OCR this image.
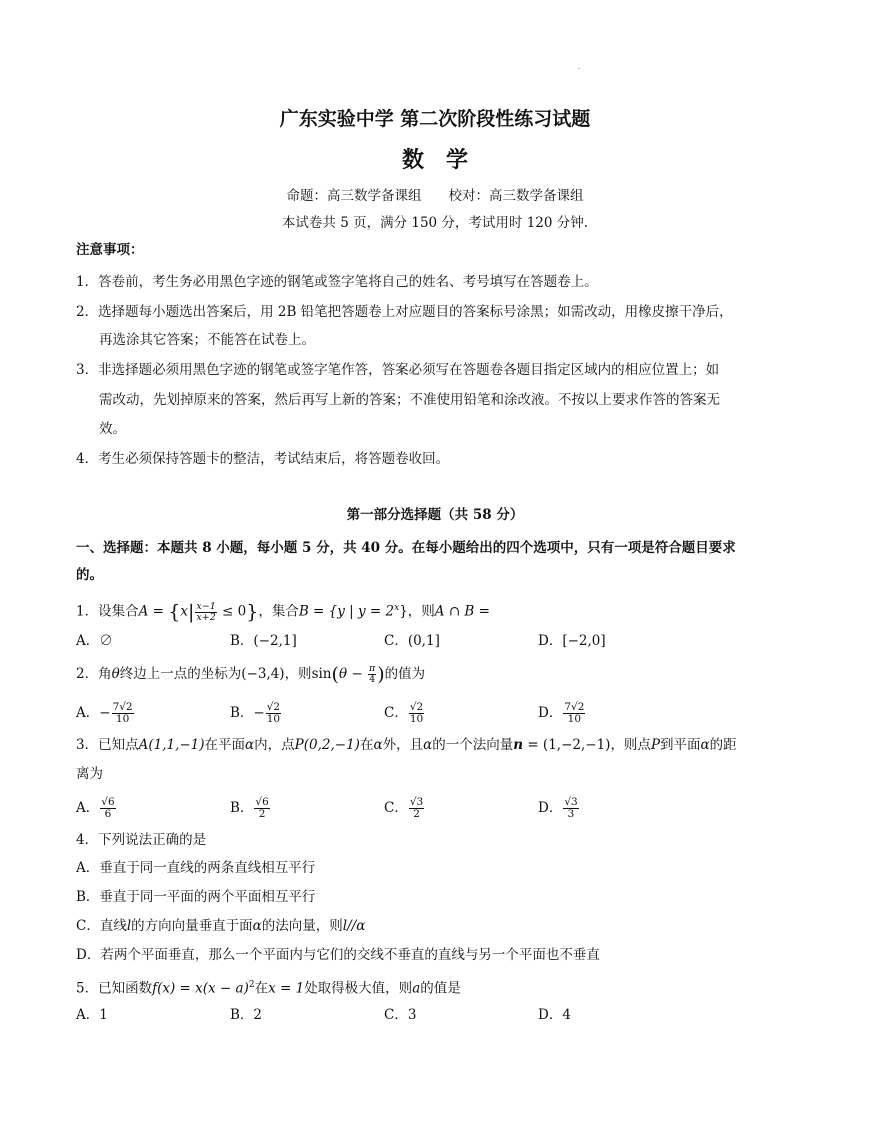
广东实验中学 第二次阶段性练习试题
数　学
命题：高三数学备课组　　校对：高三数学备课组
本试卷共 5 页，满分 150 分，考试用时 120 分钟.
注意事项：
1．答卷前，考生务必用黑色字迹的钢笔或签字笔将自己的姓名、考号填写在答题卷上。
2．选择题每小题选出答案后，用 2B 铅笔把答题卷上对应题目的答案标号涂黑；如需改动，用橡皮擦干净后，
再选涂其它答案；不能答在试卷上。
3．非选择题必须用黑色字迹的钢笔或签字笔作答，答案必须写在答题卷各题目指定区域内的相应位置上；如
需改动，先划掉原来的答案，然后再写上新的答案；不准使用铅笔和涂改液。不按以上要求作答的答案无
效。
4．考生必须保持答题卡的整洁，考试结束后，将答题卷收回。
第一部分选择题（共 58 分）
一、选择题：本题共 8 小题，每小题 5 分，共 40 分。在每小题给出的四个选项中，只有一项是符合题目要求
的。
1．设集合$A = \{x| \frac{x-1}{x+2} \le 0\}$，集合B = {y | $y = 2^x$}，则A ∩ B =
A．∅	B．(−2,1]	C．(0,1]	D．[−2,0]
2．角θ终边上一点的坐标为(−3,4)，则$\sin(\theta - \frac{\pi}{4}$ )的值为
A．− $\frac{7√2}{10}$	B．− $\frac{√2}{10}$	C． $\frac{√2}{10}$	D． $\frac{7√2}{10}$
3．已知点A(1,1,−1)在平面α内，点P(0,2,−1)在α外，且α的一个法向量n = (1,−2,−1)，则点P到平面α的距
离为
A． $\frac{√6}{6}$	B． $\frac{√6}{2}$	C． $\frac{√3}{2}$	D． $\frac{√3}{3}$
4．下列说法正确的是
A．垂直于同一直线的两条直线相互平行
B．垂直于同一平面的两个平面相互平行
C．直线l的方向向量垂直于面α的法向量，则l//α
D．若两个平面垂直，那么一个平面内与它们的交线不垂直的直线与另一个平面也不垂直
5．已知函数$f(x) = x(x - a)^2$在x = 1处取得极大值，则a的值是
A．1	B．2	C．3	D．4
